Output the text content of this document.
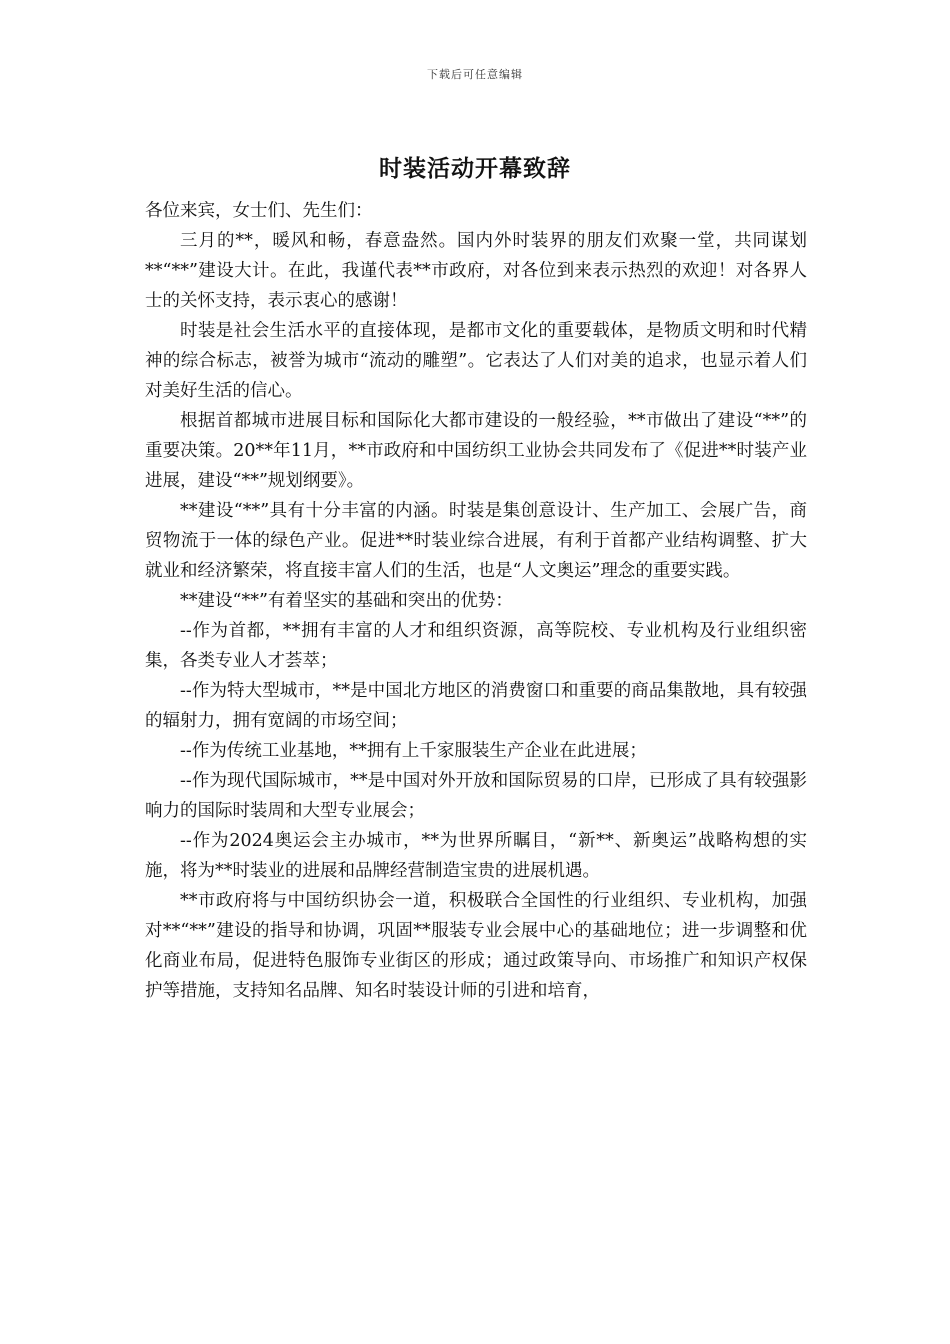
下载后可任意编辑
时装活动开幕致辞

各位来宾，女士们、先生们：

三月的**，暖风和畅，春意盎然。国内外时装界的朋友们欢聚一堂，共同谋划**“**”建设大计。在此，我谨代表**市政府，对各位到来表示热烈的欢迎！对各界人士的关怀支持，表示衷心的感谢！

时装是社会生活水平的直接体现，是都市文化的重要载体，是物质文明和时代精神的综合标志，被誉为城市“流动的雕塑”。它表达了人们对美的追求，也显示着人们对美好生活的信心。

根据首都城市进展目标和国际化大都市建设的一般经验，**市做出了建设“**”的重要决策。20**年11月，**市政府和中国纺织工业协会共同发布了《促进**时装产业进展，建设“**”规划纲要》。

**建设“**”具有十分丰富的内涵。时装是集创意设计、生产加工、会展广告，商贸物流于一体的绿色产业。促进**时装业综合进展，有利于首都产业结构调整、扩大就业和经济繁荣，将直接丰富人们的生活，也是“人文奥运”理念的重要实践。

**建设“**”有着坚实的基础和突出的优势：

--作为首都，**拥有丰富的人才和组织资源，高等院校、专业机构及行业组织密集，各类专业人才荟萃；

--作为特大型城市，**是中国北方地区的消费窗口和重要的商品集散地，具有较强的辐射力，拥有宽阔的市场空间；

--作为传统工业基地，**拥有上千家服装生产企业在此进展；

--作为现代国际城市，**是中国对外开放和国际贸易的口岸，已形成了具有较强影响力的国际时装周和大型专业展会；

--作为2024奥运会主办城市，**为世界所瞩目，“新**、新奥运”战略构想的实施，将为**时装业的进展和品牌经营制造宝贵的进展机遇。

**市政府将与中国纺织协会一道，积极联合全国性的行业组织、专业机构，加强对**“**”建设的指导和协调，巩固**服装专业会展中心的基础地位；进一步调整和优化商业布局，促进特色服饰专业街区的形成；通过政策导向、市场推广和知识产权保护等措施，支持知名品牌、知名时装设计师的引进和培育，
